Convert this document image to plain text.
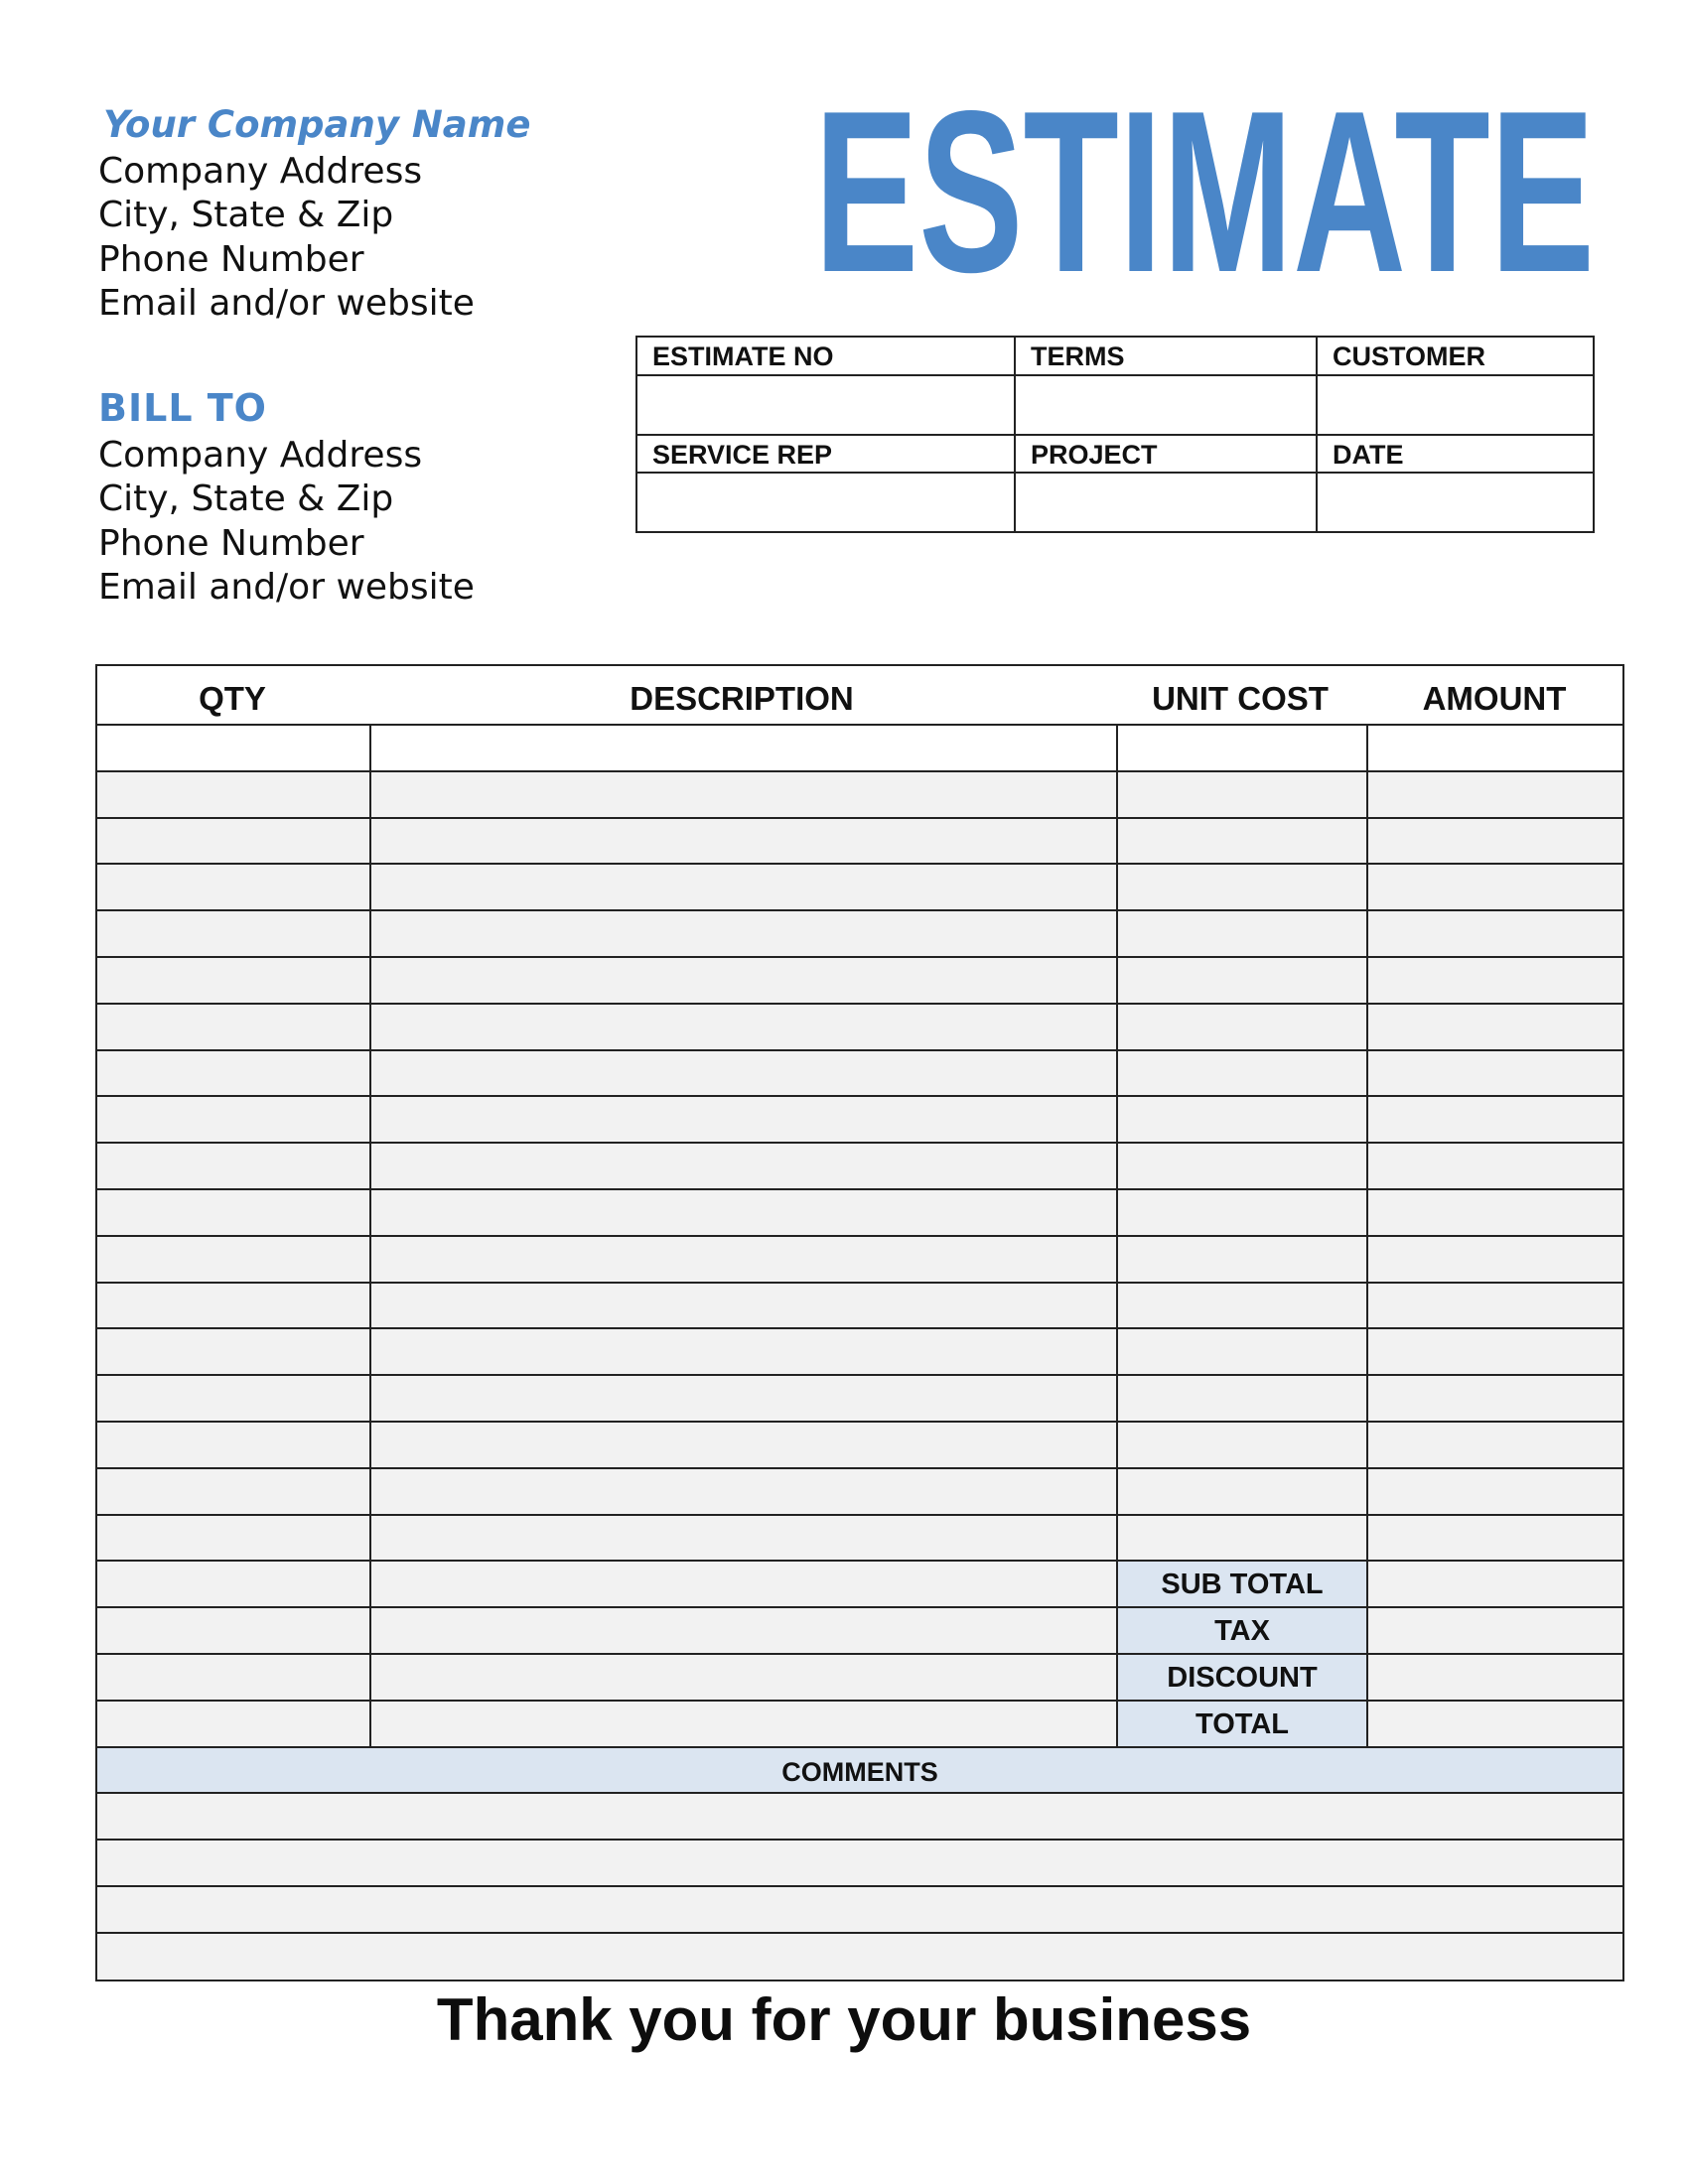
Your Company Name
Company Address
City, State & Zip
Phone Number
Email and/or website
BILL TO
Company Address
City, State & Zip
Phone Number
Email and/or website
ESTIMATE
ESTIMATE NO	TERMS	CUSTOMER
SERVICE REP	PROJECT	DATE
QTY	DESCRIPTION	UNIT COST	AMOUNT
SUB TOTAL
TAX
DISCOUNT
TOTAL
COMMENTS
Thank you for your business
